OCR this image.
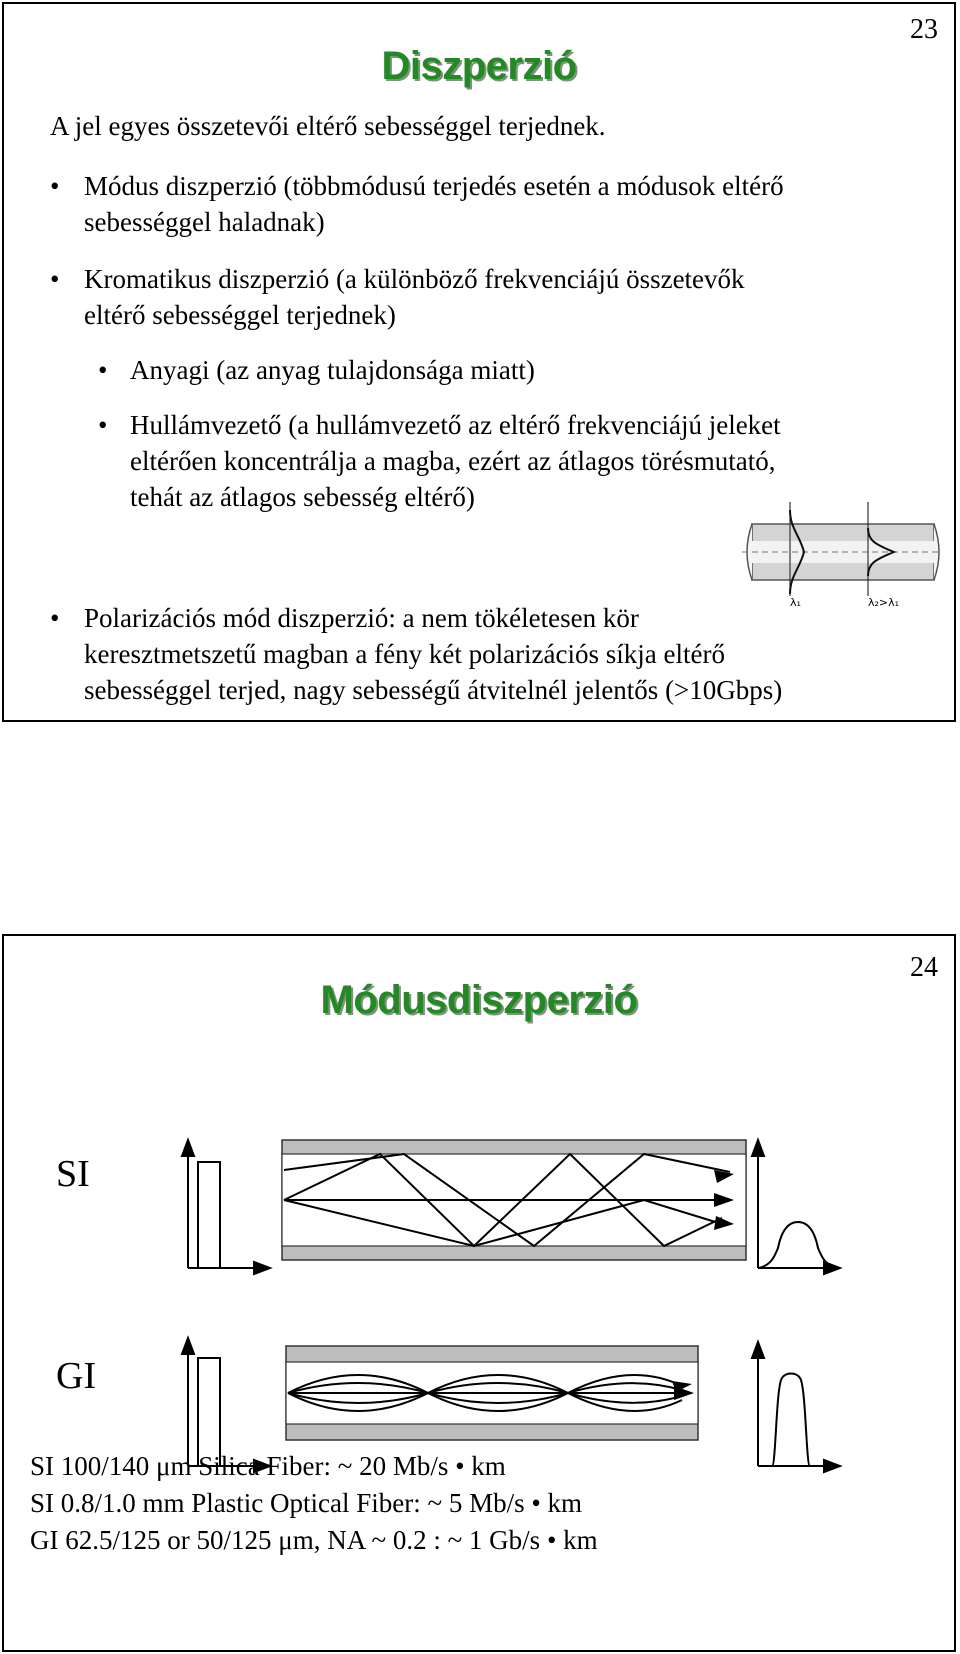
23
Diszperzió
A jel egyes összetevői eltérő sebességgel terjednek.
• Módus diszperzió (többmódusú terjedés esetén a módusok eltérő
sebességgel haladnak)
• Kromatikus diszperzió (a különböző frekvenciájú összetevők
eltérő sebességgel terjednek)
• Anyagi (az anyag tulajdonsága miatt)
• Hullámvezető (a hullámvezető az eltérő frekvenciájú jeleket
eltérően koncentrálja a magba, ezért az átlagos törésmutató,
tehát az átlagos sebesség eltérő)
• Polarizációs mód diszperzió: a nem tökéletesen kör
keresztmetszetű magban a fény két polarizációs síkja eltérő
sebességgel terjed, nagy sebességű átvitelnél jelentős (>10Gbps)
λ₁	λ₂>λ₁
24
Módusdiszperzió
SI
GI
SI 100/140 μm Silica Fiber: ~ 20 Mb/s • km
SI 0.8/1.0 mm Plastic Optical Fiber: ~ 5 Mb/s • km
GI 62.5/125 or 50/125 μm, NA ~ 0.2 : ~ 1 Gb/s • km
